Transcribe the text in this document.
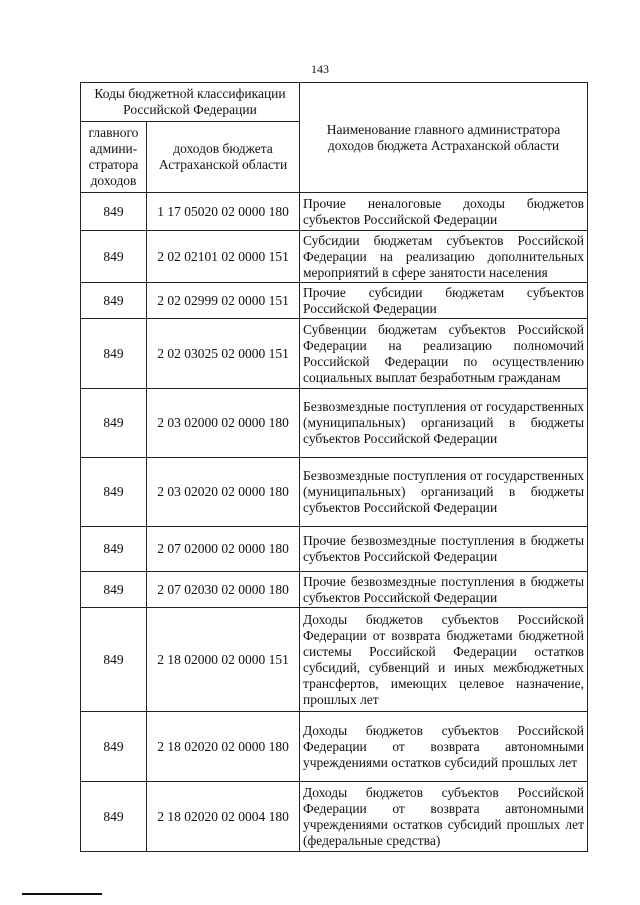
143
Коды бюджетной классификации Российской Федерации		Наименование главного администратора доходов бюджета Астраханской области
главного админи-стратора доходов	доходов бюджета Астраханской области	
849	1 17 05020 02 0000 180	Прочие неналоговые доходы бюджетов субъектов Российской Федерации
849	2 02 02101 02 0000 151	Субсидии бюджетам субъектов Российской Федерации на реализацию дополнительных мероприятий в сфере занятости населения
849	2 02 02999 02 0000 151	Прочие субсидии бюджетам субъектов Российской Федерации
849	2 02 03025 02 0000 151	Субвенции бюджетам субъектов Российской Федерации на реализацию полномочий Российской Федерации по осуществлению социальных выплат безработным гражданам
849	2 03 02000 02 0000 180	Безвозмездные поступления от государственных (муниципальных) организаций в бюджеты субъектов Российской Федерации
849	2 03 02020 02 0000 180	Безвозмездные поступления от государственных (муниципальных) организаций в бюджеты субъектов Российской Федерации
849	2 07 02000 02 0000 180	Прочие безвозмездные поступления в бюджеты субъектов Российской Федерации
849	2 07 02030 02 0000 180	Прочие безвозмездные поступления в бюджеты субъектов Российской Федерации
849	2 18 02000 02 0000 151	Доходы бюджетов субъектов Российской Федерации от возврата бюджетами бюджетной системы Российской Федерации остатков субсидий, субвенций и иных межбюджетных трансфертов, имеющих целевое назначение, прошлых лет
849	2 18 02020 02 0000 180	Доходы бюджетов субъектов Российской Федерации от возврата автономными учреждениями остатков субсидий прошлых лет
849	2 18 02020 02 0004 180	Доходы бюджетов субъектов Российской Федерации от возврата автономными учреждениями остатков субсидий прошлых лет (федеральные средства)
